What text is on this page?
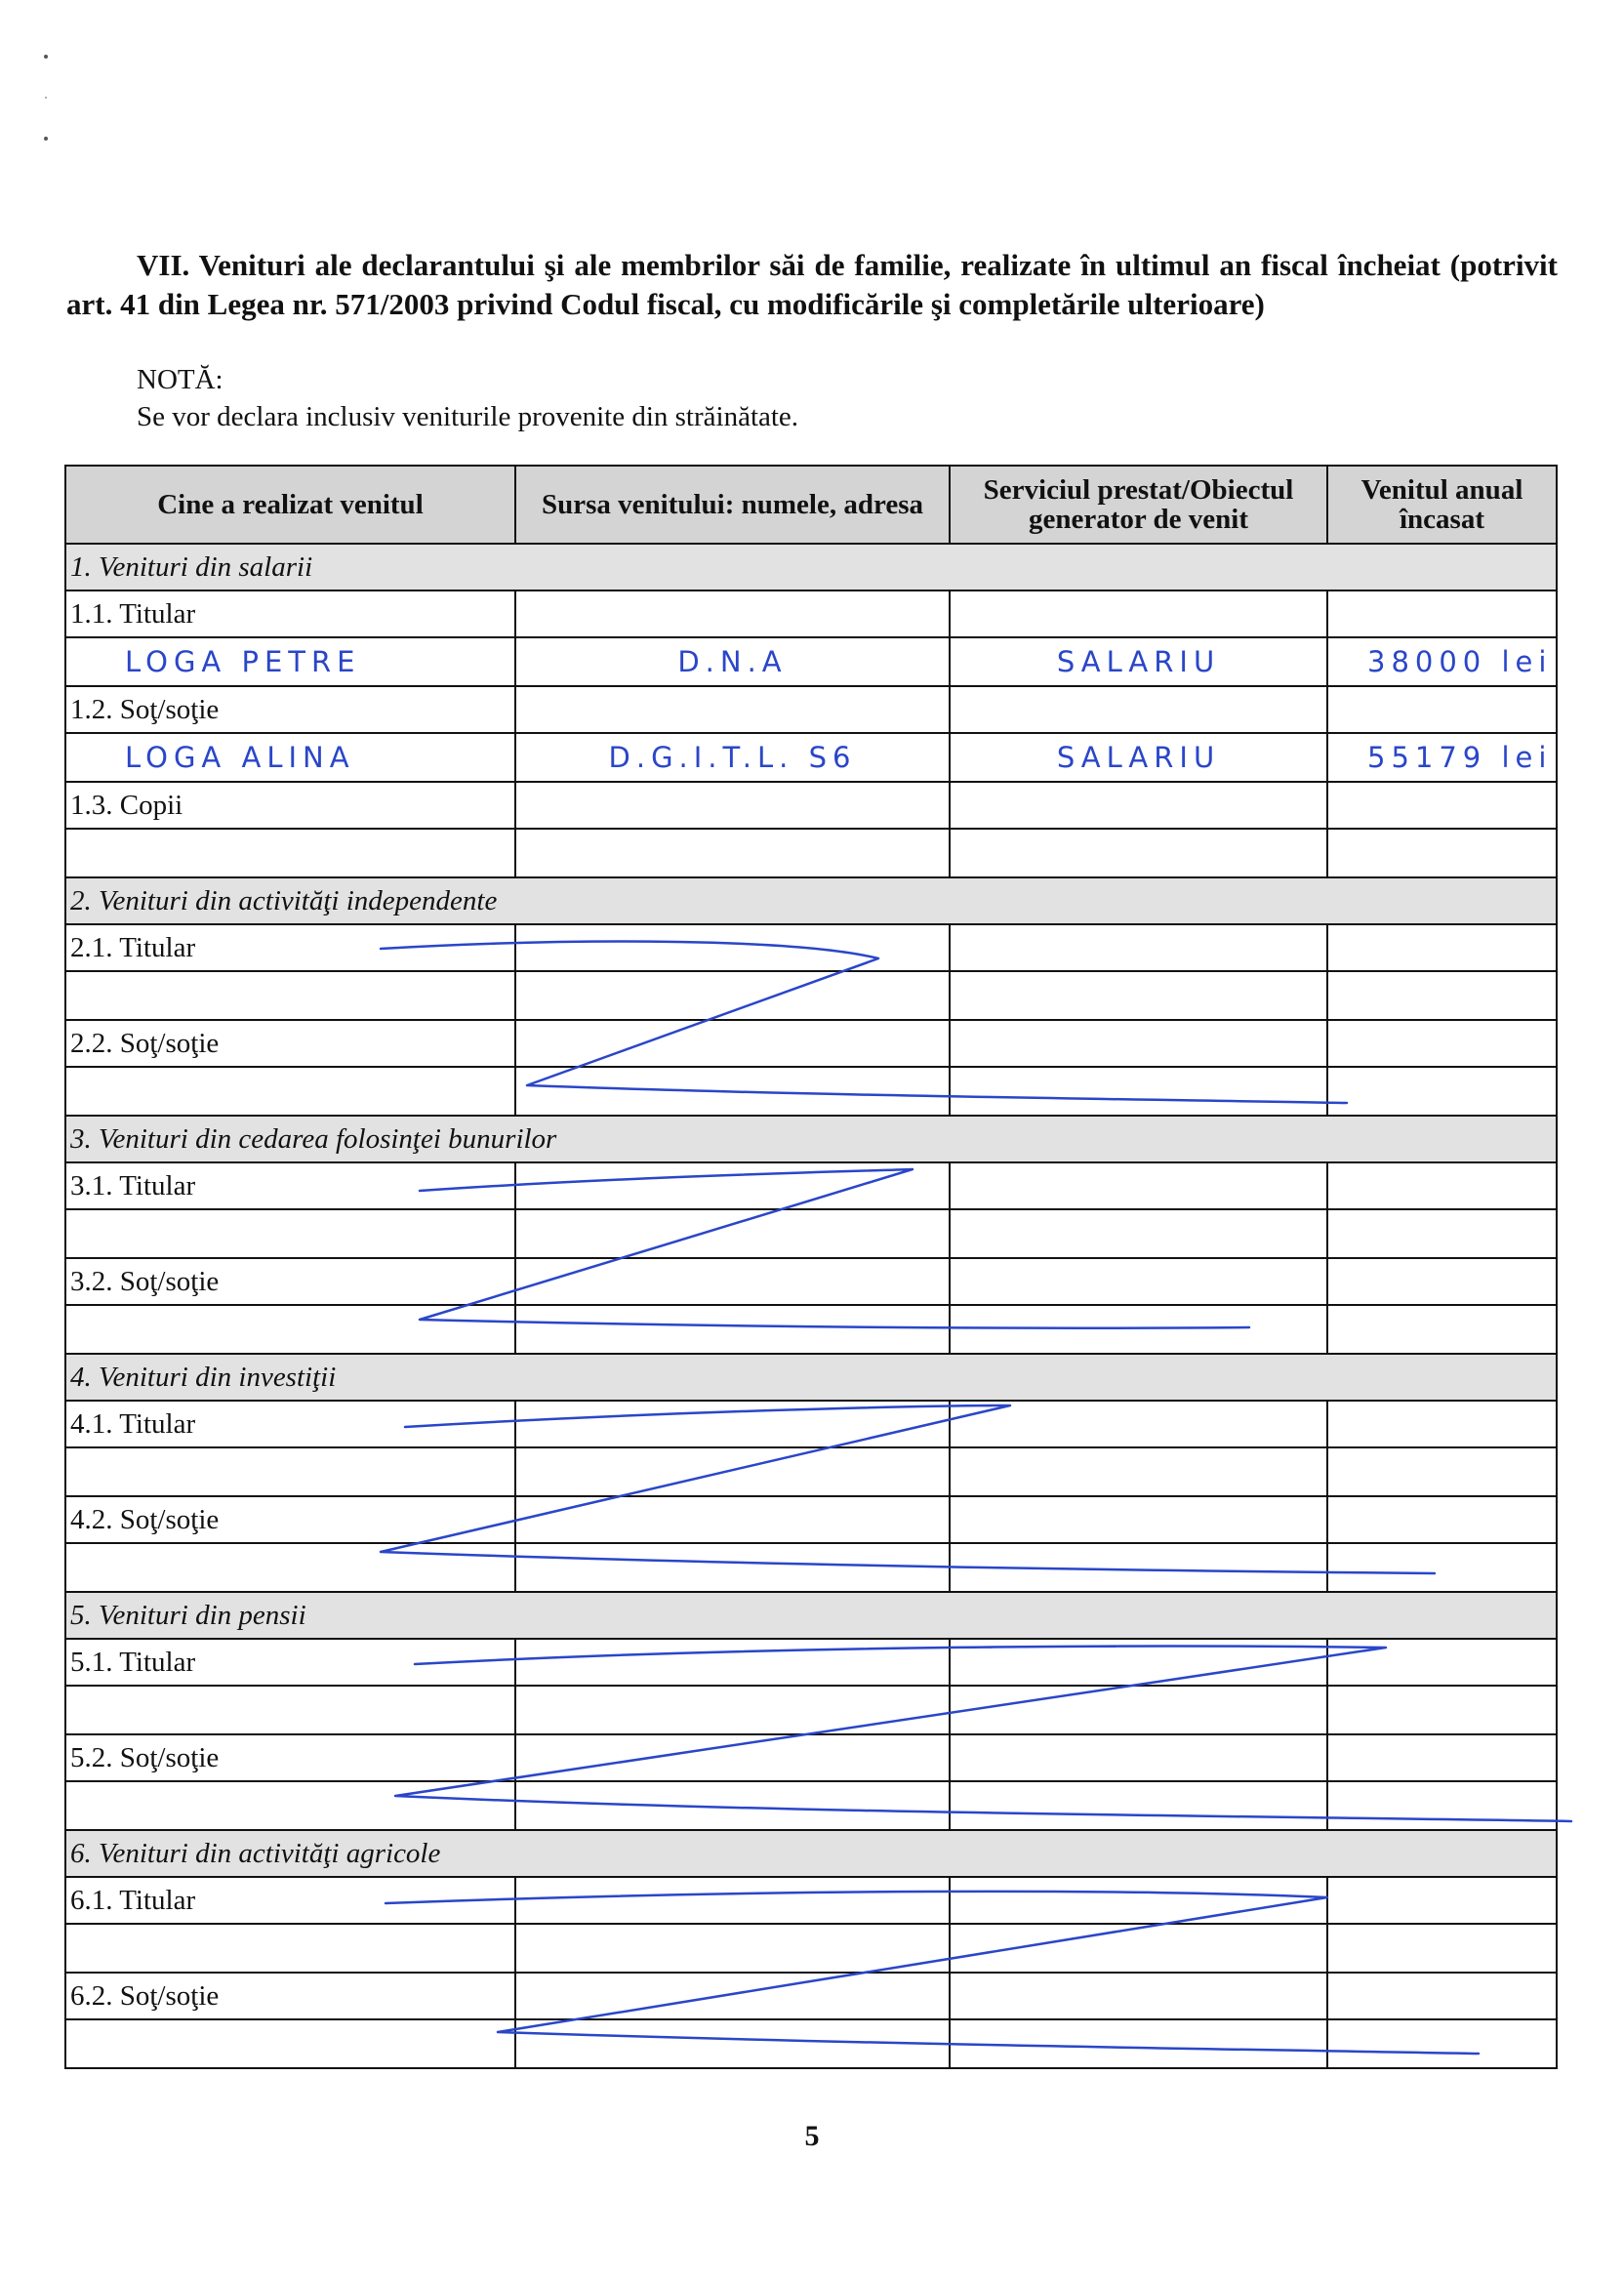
VII. Venituri ale declarantului şi ale membrilor săi de familie, realizate în ultimul an fiscal încheiat (potrivit art. 41 din Legea nr. 571/2003 privind Codul fiscal, cu modificările şi completările ulterioare)
NOTĂ:
Se vor declara inclusiv veniturile provenite din străinătate.
Cine a realizat venitul	Sursa venitului: numele, adresa	Serviciul prestat/Obiectul generator de venit	Venitul anual încasat
1. Venituri din salarii			
1.1. Titular			
LOGA PETRE	D.N.A	SALARIU	38000 lei
1.2. Soţ/soţie			
LOGA ALINA	D.G.I.T.L. S6	SALARIU	55179 lei
1.3. Copii			

2. Venituri din activităţi independente			
2.1. Titular			

2.2. Soţ/soţie			

3. Venituri din cedarea folosinţei bunurilor			
3.1. Titular			

3.2. Soţ/soţie			

4. Venituri din investiţii			
4.1. Titular			

4.2. Soţ/soţie			

5. Venituri din pensii			
5.1. Titular			

5.2. Soţ/soţie			

6. Venituri din activităţi agricole			
6.1. Titular			

6.2. Soţ/soţie			

5
